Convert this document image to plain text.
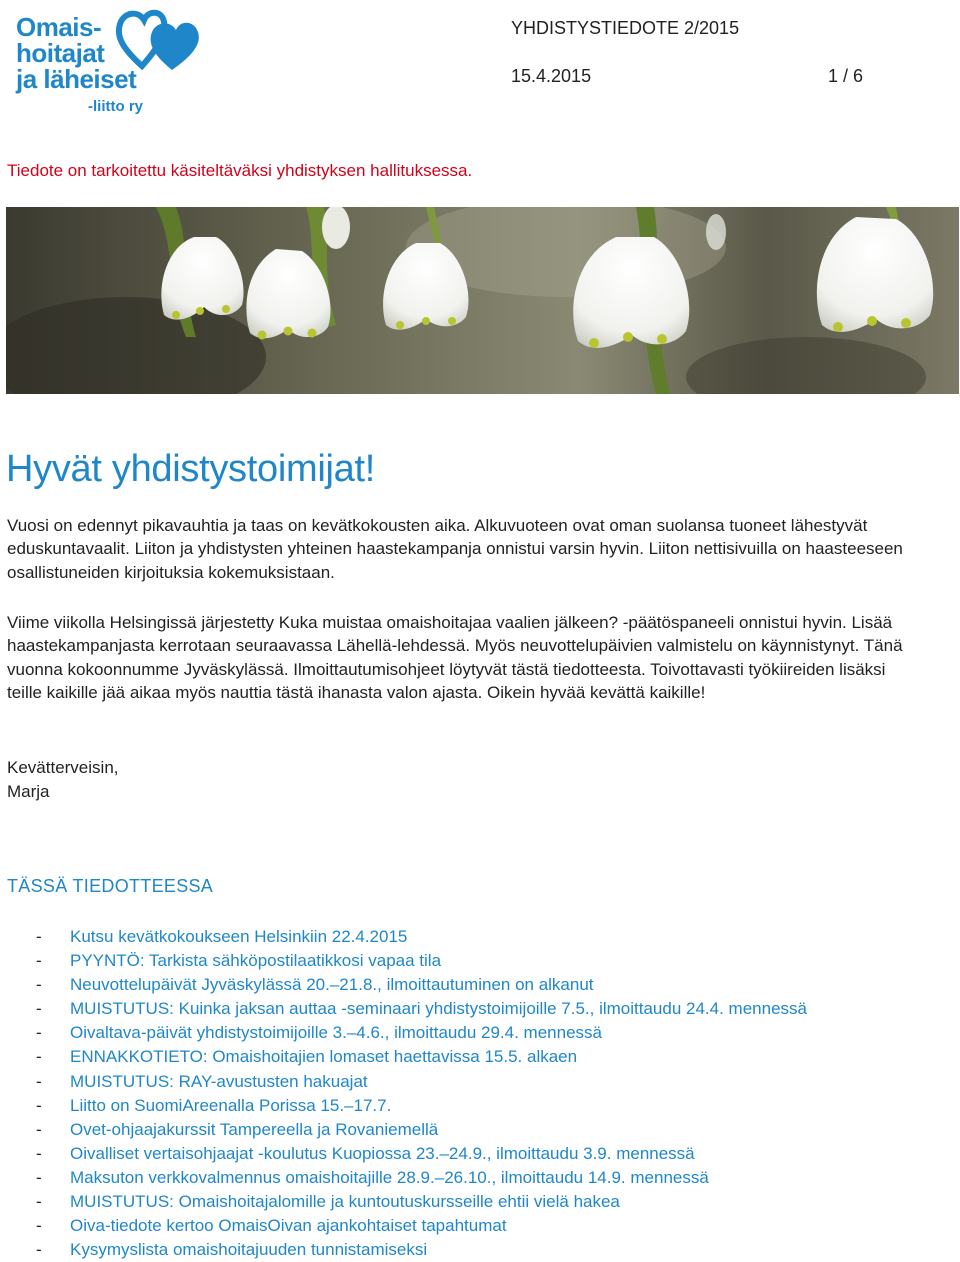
Omais-
hoitajat
ja läheiset
-liitto ry
YHDISTYSTIEDOTE 2/2015
15.4.2015	1 / 6
Tiedote on tarkoitettu käsiteltäväksi yhdistyksen hallituksessa.
Hyvät yhdistystoimijat!

Vuosi on edennyt pikavauhtia ja taas on kevätkokousten aika. Alkuvuoteen ovat oman suolansa tuoneet lähestyvät eduskuntavaalit. Liiton ja yhdistysten yhteinen haastekampanja onnistui varsin hyvin. Liiton nettisivuilla on haasteeseen osallistuneiden kirjoituksia kokemuksistaan.

Viime viikolla Helsingissä järjestetty Kuka muistaa omaishoitajaa vaalien jälkeen? -päätöspaneeli onnistui hyvin. Lisää haastekampanjasta kerrotaan seuraavassa Lähellä-lehdessä. Myös neuvottelupäivien valmistelu on käynnistynyt. Tänä vuonna kokoonnumme Jyväskylässä. Ilmoittautumisohjeet löytyvät tästä tiedotteesta. Toivottavasti työkiireiden lisäksi teille kaikille jää aikaa myös nauttia tästä ihanasta valon ajasta. Oikein hyvää kevättä kaikille!

Kevätterveisin,
Marja
TÄSSÄ TIEDOTTEESSA
- Kutsu kevätkokoukseen Helsinkiin 22.4.2015
- PYYNTÖ: Tarkista sähköpostilaatikkosi vapaa tila
- Neuvottelupäivät Jyväskylässä 20.–21.8., ilmoittautuminen on alkanut
- MUISTUTUS: Kuinka jaksan auttaa -seminaari yhdistystoimijoille 7.5., ilmoittaudu 24.4. mennessä
- Oivaltava-päivät yhdistystoimijoille 3.–4.6., ilmoittaudu 29.4. mennessä
- ENNAKKOTIETO: Omaishoitajien lomaset haettavissa 15.5. alkaen
- MUISTUTUS: RAY-avustusten hakuajat
- Liitto on SuomiAreenalla Porissa 15.–17.7.
- Ovet-ohjaajakurssit Tampereella ja Rovaniemellä
- Oivalliset vertaisohjaajat -koulutus Kuopiossa 23.–24.9., ilmoittaudu 3.9. mennessä
- Maksuton verkkovalmennus omaishoitajille 28.9.–26.10., ilmoittaudu 14.9. mennessä
- MUISTUTUS: Omaishoitajalomille ja kuntoutuskursseille ehtii vielä hakea
- Oiva-tiedote kertoo OmaisOivan ajankohtaiset tapahtumat
- Kysymyslista omaishoitajuuden tunnistamiseksi
